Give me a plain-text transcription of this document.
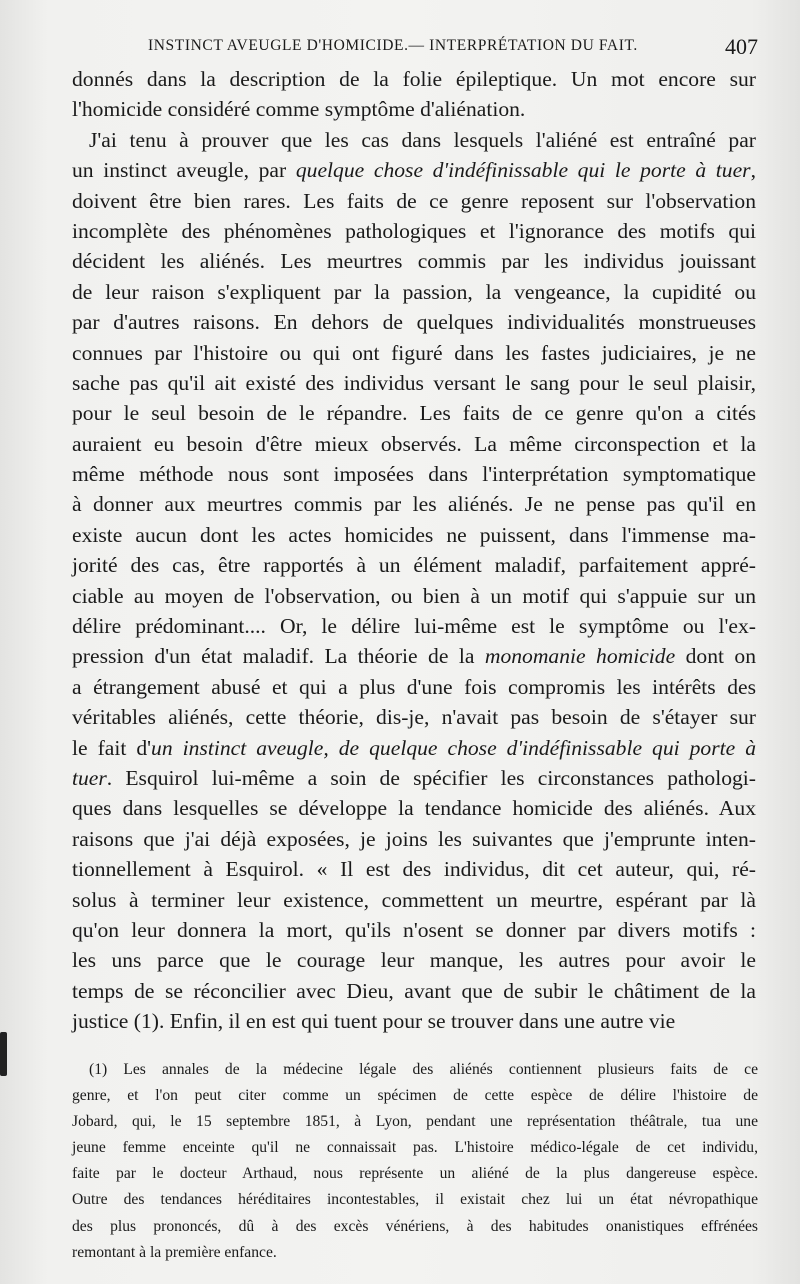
INSTINCT AVEUGLE D'HOMICIDE.— INTERPRÉTATION DU FAIT.	407
donnés dans la description de la folie épileptique. Un mot encore sur
l'homicide considéré comme symptôme d'aliénation.
J'ai tenu à prouver que les cas dans lesquels l'aliéné est entraîné par
un instinct aveugle, par quelque chose d'indéfinissable qui le porte à tuer,
doivent être bien rares. Les faits de ce genre reposent sur l'observation
incomplète des phénomènes pathologiques et l'ignorance des motifs qui
décident les aliénés. Les meurtres commis par les individus jouissant
de leur raison s'expliquent par la passion, la vengeance, la cupidité ou
par d'autres raisons. En dehors de quelques individualités monstrueuses
connues par l'histoire ou qui ont figuré dans les fastes judiciaires, je ne
sache pas qu'il ait existé des individus versant le sang pour le seul plaisir,
pour le seul besoin de le répandre. Les faits de ce genre qu'on a cités
auraient eu besoin d'être mieux observés. La même circonspection et la
même méthode nous sont imposées dans l'interprétation symptomatique
à donner aux meurtres commis par les aliénés. Je ne pense pas qu'il en
existe aucun dont les actes homicides ne puissent, dans l'immense ma-
jorité des cas, être rapportés à un élément maladif, parfaitement appré-
ciable au moyen de l'observation, ou bien à un motif qui s'appuie sur un
délire prédominant.... Or, le délire lui-même est le symptôme ou l'ex-
pression d'un état maladif. La théorie de la monomanie homicide dont on
a étrangement abusé et qui a plus d'une fois compromis les intérêts des
véritables aliénés, cette théorie, dis-je, n'avait pas besoin de s'étayer sur
le fait d'un instinct aveugle, de quelque chose d'indéfinissable qui porte à
tuer. Esquirol lui-même a soin de spécifier les circonstances pathologi-
ques dans lesquelles se développe la tendance homicide des aliénés. Aux
raisons que j'ai déjà exposées, je joins les suivantes que j'emprunte inten-
tionnellement à Esquirol. « Il est des individus, dit cet auteur, qui, ré-
solus à terminer leur existence, commettent un meurtre, espérant par là
qu'on leur donnera la mort, qu'ils n'osent se donner par divers motifs :
les uns parce que le courage leur manque, les autres pour avoir le
temps de se réconcilier avec Dieu, avant que de subir le châtiment de la
justice (1). Enfin, il en est qui tuent pour se trouver dans une autre vie
(1) Les annales de la médecine légale des aliénés contiennent plusieurs faits de ce
genre, et l'on peut citer comme un spécimen de cette espèce de délire l'histoire de
Jobard, qui, le 15 septembre 1851, à Lyon, pendant une représentation théâtrale, tua une
jeune femme enceinte qu'il ne connaissait pas. L'histoire médico-légale de cet individu,
faite par le docteur Arthaud, nous représente un aliéné de la plus dangereuse espèce.
Outre des tendances héréditaires incontestables, il existait chez lui un état névropathique
des plus prononcés, dû à des excès vénériens, à des habitudes onanistiques effrénées
remontant à la première enfance.
